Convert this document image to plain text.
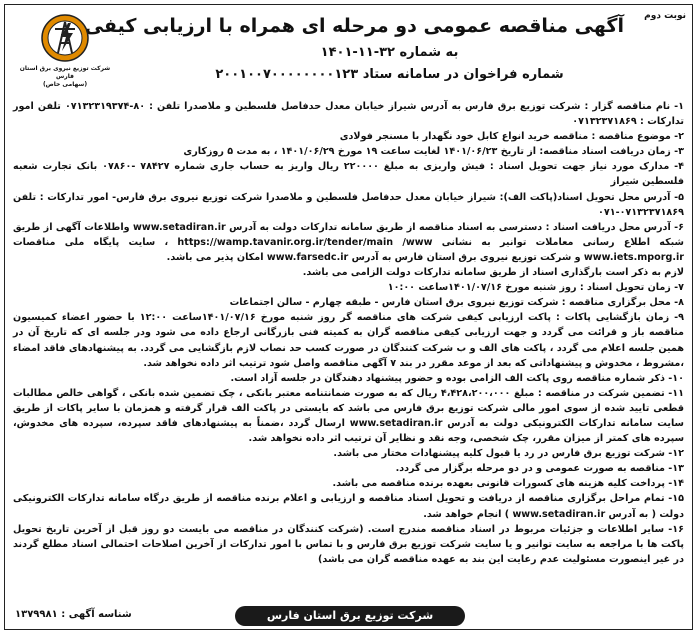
نوبت دوم
آگهی مناقصه عمومی دو مرحله ای همراه با ارزیابی کیفی
به شماره ۳۲-۱۱-۱۴۰۱
شماره فراخوان در سامانه ستاد ۲۰۰۱۰۰۷۰۰۰۰۰۰۰۰۱۲۳
شرکت توزیع نیروی برق استان فارس
(سهامی خاص)

۱- نام مناقصه گزار : شرکت توزیع برق فارس به آدرس شیراز خیابان معدل حدفاصل فلسطین و ملاصدرا تلفن : ۸۰-۰۷۱۳۲۳۱۹۳۷۴ تلفن امور تدارکات : ۰۷۱۳۲۳۷۱۸۶۹

۲- موضوع مناقصه : مناقصه خرید انواع کابل خود نگهدار با مسنجر فولادی

۳- زمان دریافت اسناد مناقصه: از تاریخ ۱۴۰۱/۰۶/۲۳ لغایت ساعت ۱۹ مورخ ۱۴۰۱/۰۶/۲۹ ، به مدت ۵ روزکاری

۴- مدارک مورد نیاز جهت تحویل اسناد : فیش واریزی به مبلغ ۲۲۰۰۰۰ ریال واریز به حساب جاری شماره ۷۸۴۲۷ -۰۷۸۶۰ بانک تجارت شعبه فلسطین شیراز

۵- آدرس محل تحویل اسناد(پاکت الف): شیراز خیابان معدل حدفاصل فلسطین و ملاصدرا شرکت توزیع نیروی برق فارس- امور تدارکات : تلفن ۰۷۱۳۲۳۷۱۸۶۹-۰۷۱

۶- آدرس محل دریافت اسناد : دسترسی به اسناد مناقصه از طریق سامانه تدارکات دولت به آدرس www.setadiran.ir واطلاعات آگهی از طریق شبکه اطلاع رسانی معاملات توانیر به نشانی https://wamp.tavanir.org.ir/tender/main /www ، سایت پایگاه ملی مناقصات www.iets.mporg.ir و شرکت توزیع نیروی برق استان فارس به آدرس www.farsedc.ir امکان پذیر می باشد.

لازم به ذکر است بارگذاری اسناد از طریق سامانه تدارکات دولت الزامی می باشد.

۷- زمان تحویل اسناد : روز شنبه مورخ ۱۴۰۱/۰۷/۱۶ساعت ۱۰:۰۰

۸- محل برگزاری مناقصه : شرکت توزیع نیروی برق استان فارس - طبقه چهارم - سالن اجتماعات

۹- زمان بازگشایی پاکات : پاکت ارزیابی کیفی شرکت های مناقصه گر روز شنبه مورخ ۱۴۰۱/۰۷/۱۶ساعت ۱۲:۰۰ با حضور اعضاء کمیسیون مناقصه باز و قرائت می گردد و جهت ارزیابی کیفی مناقصه گران به کمیته فنی بازرگانی ارجاع داده می شود ودر جلسه ای که تاریخ آن در همین جلسه اعلام می گردد ، پاکت های الف و ب شرکت کنندگان در صورت کسب حد نصاب لازم بازگشایی می گردد. به پیشنهادهای فاقد امضاء ،مشروط ، مخدوش و پیشنهاداتی که بعد از موعد مقرر در بند ۷ آگهی مناقصه واصل شود ترتیب اثر داده نخواهد شد.

۱۰- ذکر شماره مناقصه روی پاکت الف الزامی بوده و حضور پیشنهاد دهندگان در جلسه آزاد است.

۱۱- تضمین شرکت در مناقصه : مبلغ ۴،۴۲۸،۲۰۰،۰۰۰ ریال که به صورت ضمانتنامه معتبر بانکی ، چک تضمین شده بانکی ، گواهی خالص مطالبات قطعی تایید شده از سوی امور مالی شرکت توزیع برق فارس می باشد که بایستی در پاکت الف قرار گرفته و همزمان با سایر پاکات از طریق سایت سامانه تدارکات الکترونیکی دولت به آدرس www.setadiran.ir ارسال گردد ،ضمناً به پیشنهادهای فاقد سپرده، سپرده های مخدوش، سپرده های کمتر از میزان مقرر، چک شخصی، وجه نقد و نظایر آن ترتیب اثر داده نخواهد شد.

۱۲- شرکت توزیع برق فارس در رد یا قبول کلیه پیشنهادات مختار می باشد.

۱۳- مناقصه به صورت عمومی و در دو مرحله برگزار می گردد.

۱۴- پرداخت کلیه هزینه های کسورات قانونی بعهده برنده مناقصه می باشد.

۱۵- تمام مراحل برگزاری مناقصه از دریافت و تحویل اسناد مناقصه و ارزیابی و اعلام برنده مناقصه از طریق درگاه سامانه تدارکات الکترونیکی دولت ( به آدرس www.setadiran.ir ) انجام خواهد شد.

۱۶- سایر اطلاعات و جزئیات مربوط در اسناد مناقصه مندرج است. (شرکت کنندگان در مناقصه می بایست دو روز قبل از آخرین تاریخ تحویل پاکت ها با مراجعه به سایت توانیر و یا سایت شرکت توزیع برق فارس و با تماس با امور تدارکات از آخرین اصلاحات احتمالی اسناد مطلع گردند در غیر اینصورت مسئولیت عدم رعایت این بند به عهده مناقصه گران می باشد)

شناسه آگهی : ۱۳۷۹۹۸۱	شرکت توزیع برق استان فارس
